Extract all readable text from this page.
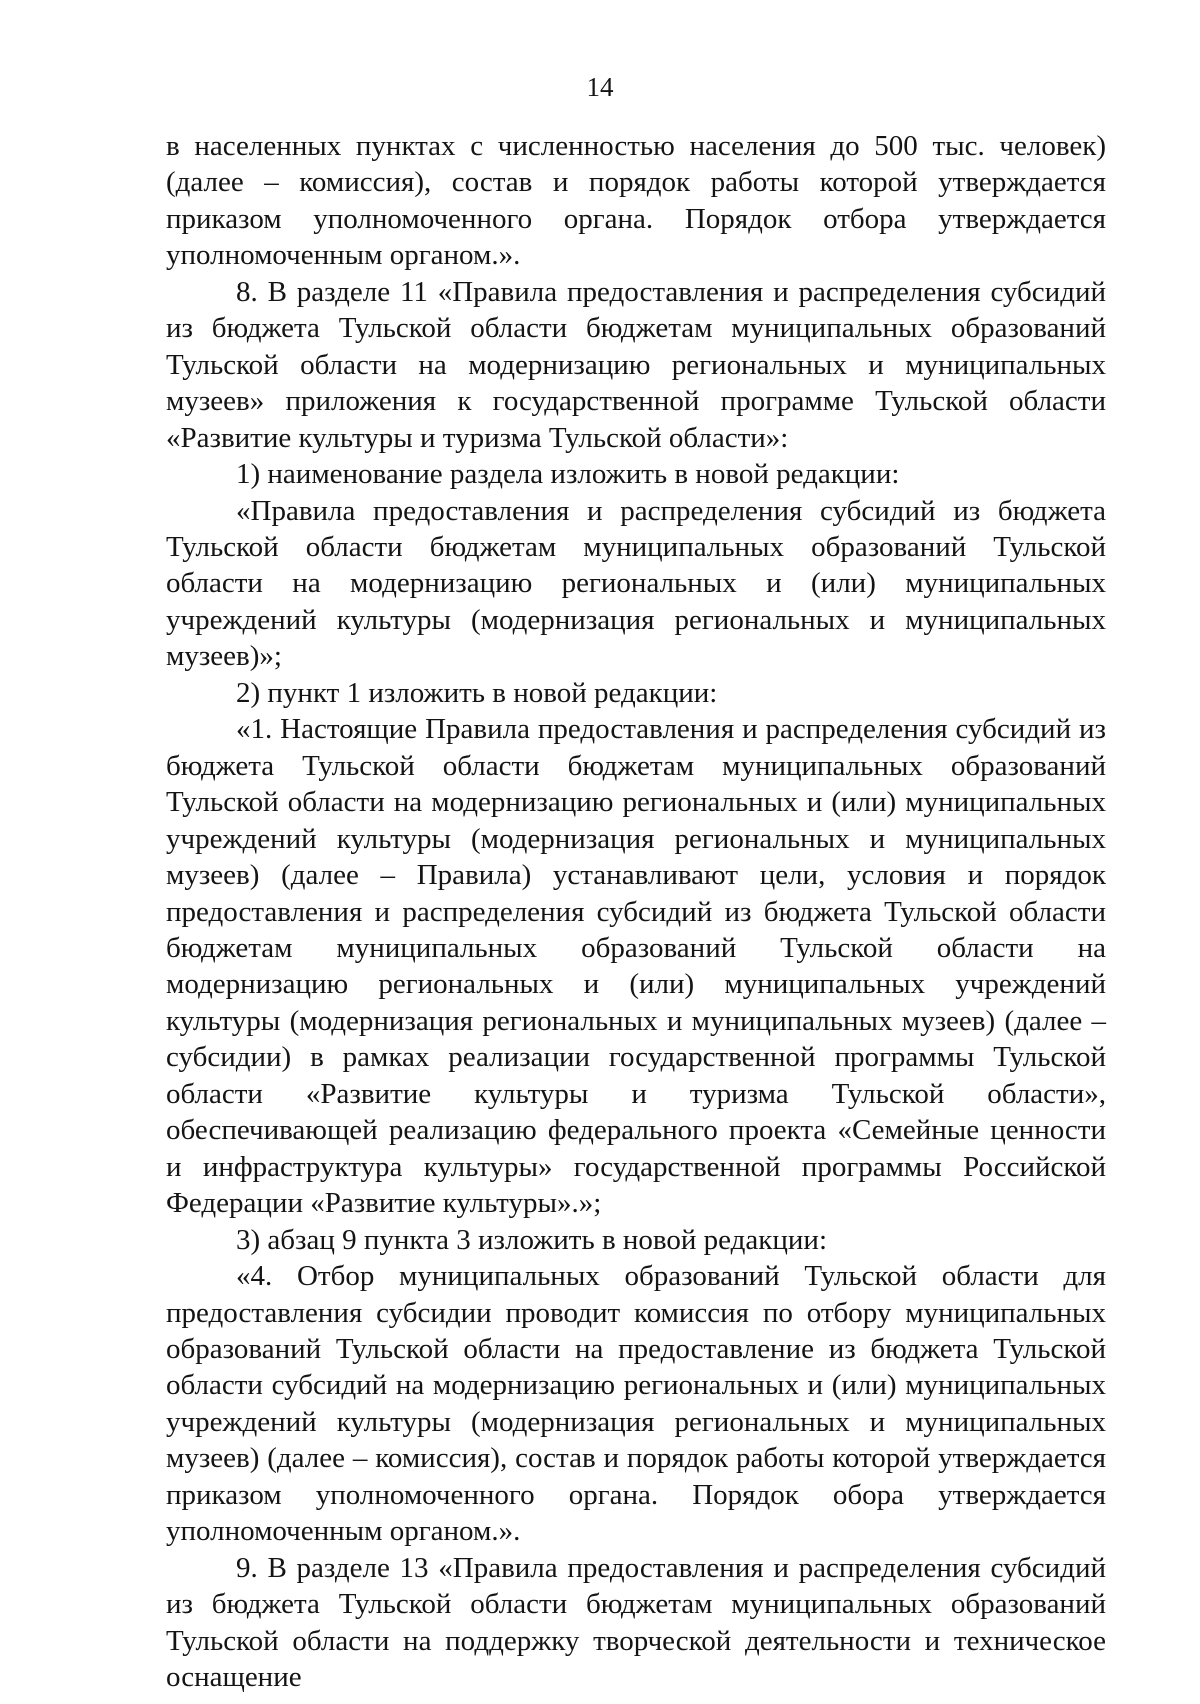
14

в населенных пунктах с численностью населения до 500 тыс. человек) (далее – комиссия), состав и порядок работы которой утверждается приказом уполномоченного органа. Порядок отбора утверждается уполномоченным органом.».

8. В разделе 11 «Правила предоставления и распределения субсидий из бюджета Тульской области бюджетам муниципальных образований Тульской области на модернизацию региональных и муниципальных музеев» приложения к государственной программе Тульской области «Развитие культуры и туризма Тульской области»:

1) наименование раздела изложить в новой редакции:

«Правила предоставления и распределения субсидий из бюджета Тульской области бюджетам муниципальных образований Тульской области на модернизацию региональных и (или) муниципальных учреждений культуры (модернизация региональных и муниципальных музеев)»;

2) пункт 1 изложить в новой редакции:

«1. Настоящие Правила предоставления и распределения субсидий из бюджета Тульской области бюджетам муниципальных образований Тульской области на модернизацию региональных и (или) муниципальных учреждений культуры (модернизация региональных и муниципальных музеев) (далее – Правила) устанавливают цели, условия и порядок предоставления и распределения субсидий из бюджета Тульской области бюджетам муниципальных образований Тульской области на модернизацию региональных и (или) муниципальных учреждений культуры (модернизация региональных и муниципальных музеев) (далее – субсидии) в рамках реализации государственной программы Тульской области «Развитие культуры и туризма Тульской области», обеспечивающей реализацию федерального проекта «Семейные ценности и инфраструктура культуры» государственной программы Российской Федерации «Развитие культуры».»;

3) абзац 9 пункта 3 изложить в новой редакции:

«4. Отбор муниципальных образований Тульской области для предоставления субсидии проводит комиссия по отбору муниципальных образований Тульской области на предоставление из бюджета Тульской области субсидий на модернизацию региональных и (или) муниципальных учреждений культуры (модернизация региональных и муниципальных музеев) (далее – комиссия), состав и порядок работы которой утверждается приказом уполномоченного органа. Порядок обора утверждается уполномоченным органом.».

9. В разделе 13 «Правила предоставления и распределения субсидий из бюджета Тульской области бюджетам муниципальных образований Тульской области на поддержку творческой деятельности и техническое оснащение
